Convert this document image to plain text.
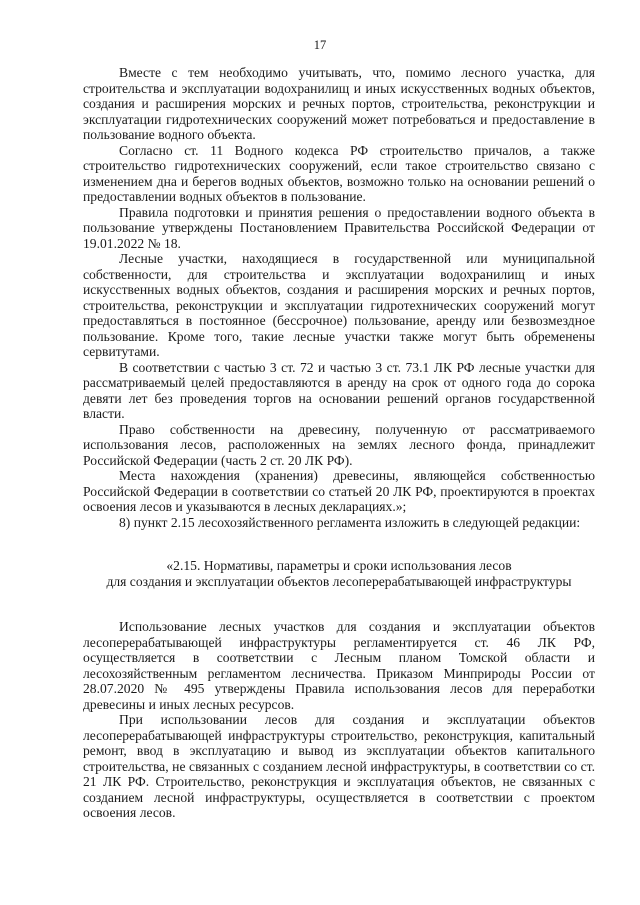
17

Вместе с тем необходимо учитывать, что, помимо лесного участка, для строительства и эксплуатации водохранилищ и иных искусственных водных объектов, создания и расширения морских и речных портов, строительства, реконструкции и эксплуатации гидротехнических сооружений может потребоваться и предоставление в пользование водного объекта.

Согласно ст. 11 Водного кодекса РФ строительство причалов, а также строительство гидротехнических сооружений, если такое строительство связано с изменением дна и берегов водных объектов, возможно только на основании решений о предоставлении водных объектов в пользование.

Правила подготовки и принятия решения о предоставлении водного объекта в пользование утверждены Постановлением Правительства Российской Федерации от 19.01.2022 № 18.

Лесные участки, находящиеся в государственной или муниципальной собственности, для строительства и эксплуатации водохранилищ и иных искусственных водных объектов, создания и расширения морских и речных портов, строительства, реконструкции и эксплуатации гидротехнических сооружений могут предоставляться в постоянное (бессрочное) пользование, аренду или безвозмездное пользование. Кроме того, такие лесные участки также могут быть обременены сервитутами.

В соответствии с частью 3 ст. 72 и частью 3 ст. 73.1 ЛК РФ лесные участки для рассматриваемый целей предоставляются в аренду на срок от одного года до сорока девяти лет без проведения торгов на основании решений органов государственной власти.

Право собственности на древесину, полученную от рассматриваемого использования лесов, расположенных на землях лесного фонда, принадлежит Российской Федерации (часть 2 ст. 20 ЛК РФ).

Места нахождения (хранения) древесины, являющейся собственностью Российской Федерации в соответствии со статьей 20 ЛК РФ, проектируются в проектах освоения лесов и указываются в лесных декларациях.»;

8) пункт 2.15 лесохозяйственного регламента изложить в следующей редакции:

«2.15. Нормативы, параметры и сроки использования лесов
для создания и эксплуатации объектов лесоперерабатывающей инфраструктуры

Использование лесных участков для создания и эксплуатации объектов лесоперерабатывающей инфраструктуры регламентируется ст. 46 ЛК РФ, осуществляется в соответствии с Лесным планом Томской области и лесохозяйственным регламентом лесничества. Приказом Минприроды России от 28.07.2020 № 495 утверждены Правила использования лесов для переработки древесины и иных лесных ресурсов.

При использовании лесов для создания и эксплуатации объектов лесоперерабатывающей инфраструктуры строительство, реконструкция, капитальный ремонт, ввод в эксплуатацию и вывод из эксплуатации объектов капитального строительства, не связанных с созданием лесной инфраструктуры, в соответствии со ст. 21 ЛК РФ. Строительство, реконструкция и эксплуатация объектов, не связанных с созданием лесной инфраструктуры, осуществляется в соответствии с проектом освоения лесов.
